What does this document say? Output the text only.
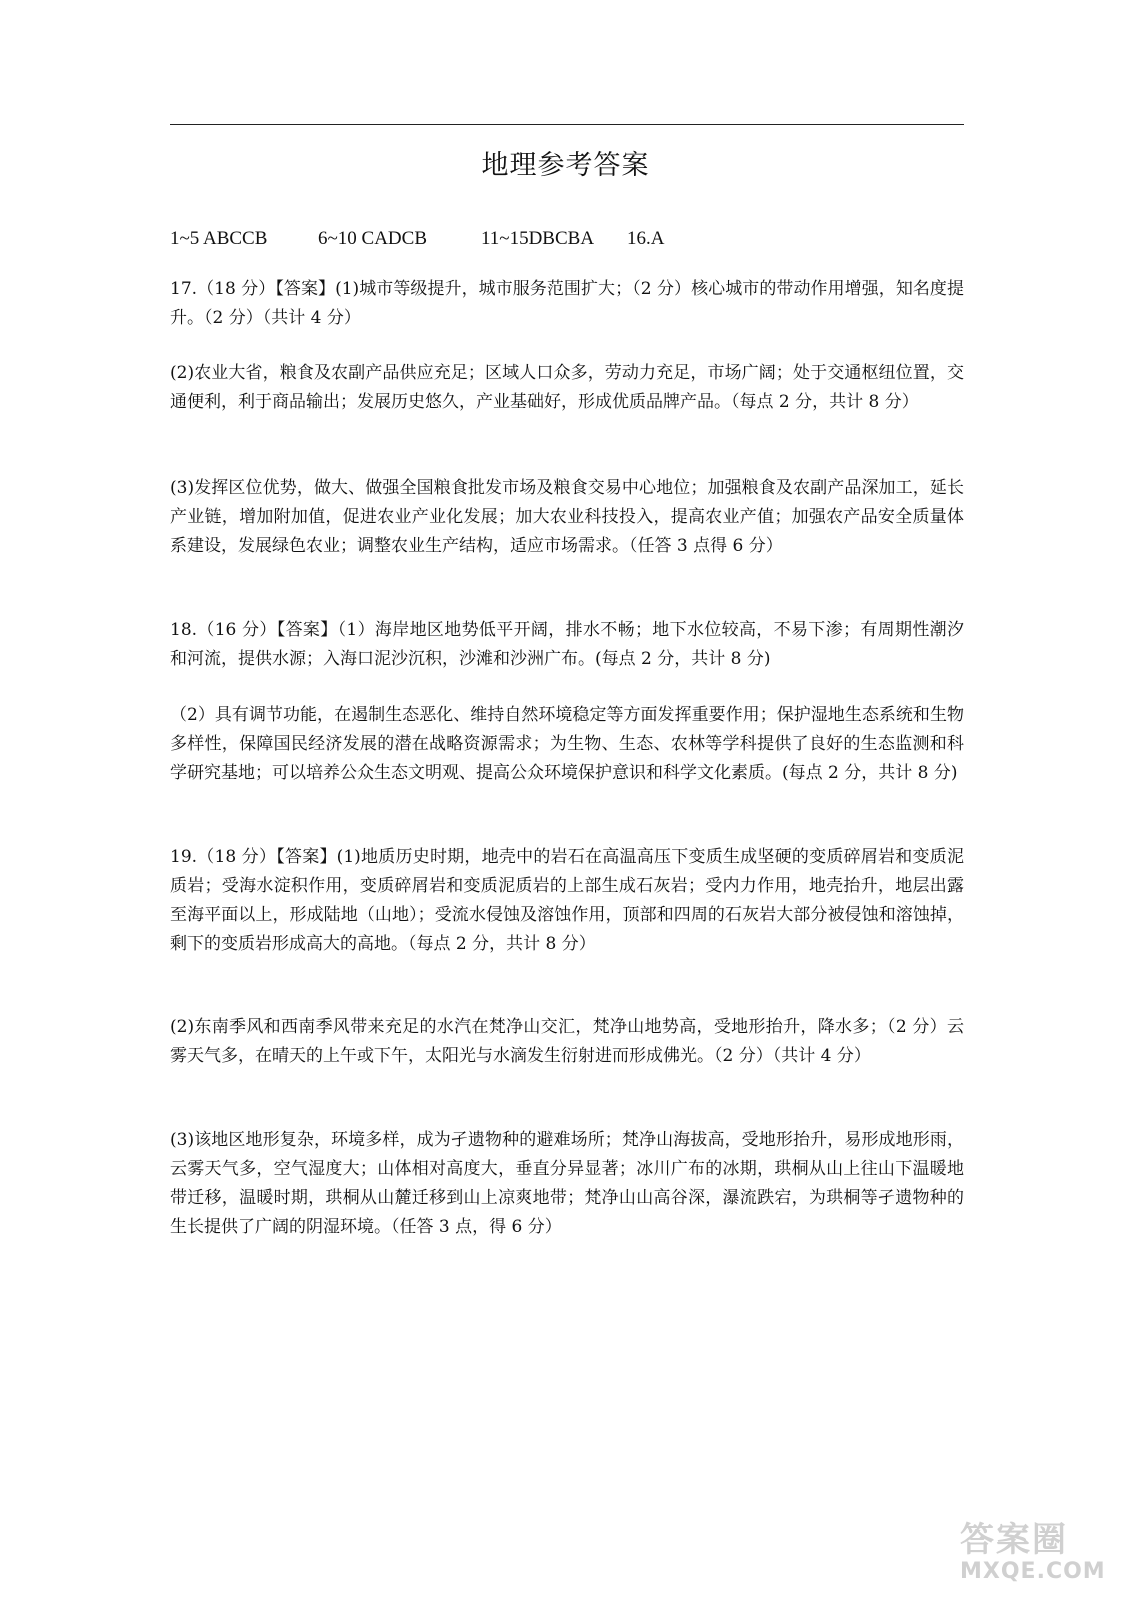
地理参考答案
1~5 ABCCB	6~10 CADCB	11~15DBCBA 16.A

17.（18 分）【答案】(1)城市等级提升，城市服务范围扩大；（2 分）核心城市的带动作用增强，知名度提升。（2 分）（共计 4 分）

(2)农业大省，粮食及农副产品供应充足；区域人口众多，劳动力充足，市场广阔；处于交通枢纽位置，交通便利，利于商品输出；发展历史悠久，产业基础好，形成优质品牌产品。（每点 2 分，共计 8 分）

(3)发挥区位优势，做大、做强全国粮食批发市场及粮食交易中心地位；加强粮食及农副产品深加工，延长产业链，增加附加值，促进农业产业化发展；加大农业科技投入，提高农业产值；加强农产品安全质量体系建设，发展绿色农业；调整农业生产结构，适应市场需求。（任答 3 点得 6 分）

18.（16 分）【答案】（1）海岸地区地势低平开阔，排水不畅；地下水位较高，不易下渗；有周期性潮汐和河流，提供水源；入海口泥沙沉积，沙滩和沙洲广布。(每点 2 分，共计 8 分)

（2）具有调节功能，在遏制生态恶化、维持自然环境稳定等方面发挥重要作用；保护湿地生态系统和生物多样性，保障国民经济发展的潜在战略资源需求；为生物、生态、农林等学科提供了良好的生态监测和科学研究基地；可以培养公众生态文明观、提高公众环境保护意识和科学文化素质。(每点 2 分，共计 8 分)

19.（18 分）【答案】(1)地质历史时期，地壳中的岩石在高温高压下变质生成坚硬的变质碎屑岩和变质泥质岩；受海水淀积作用，变质碎屑岩和变质泥质岩的上部生成石灰岩；受内力作用，地壳抬升，地层出露至海平面以上，形成陆地（山地）；受流水侵蚀及溶蚀作用，顶部和四周的石灰岩大部分被侵蚀和溶蚀掉，剩下的变质岩形成高大的高地。（每点 2 分，共计 8 分）

(2)东南季风和西南季风带来充足的水汽在梵净山交汇，梵净山地势高，受地形抬升，降水多；（2 分）云雾天气多，在晴天的上午或下午，太阳光与水滴发生衍射进而形成佛光。（2 分）（共计 4 分）

(3)该地区地形复杂，环境多样，成为孑遗物种的避难场所；梵净山海拔高，受地形抬升，易形成地形雨，云雾天气多，空气湿度大；山体相对高度大，垂直分异显著；冰川广布的冰期，珙桐从山上往山下温暖地带迁移，温暖时期，珙桐从山麓迁移到山上凉爽地带；梵净山山高谷深，瀑流跌宕，为珙桐等孑遗物种的生长提供了广阔的阴湿环境。（任答 3 点，得 6 分）

答案圈
MXQE.COM
